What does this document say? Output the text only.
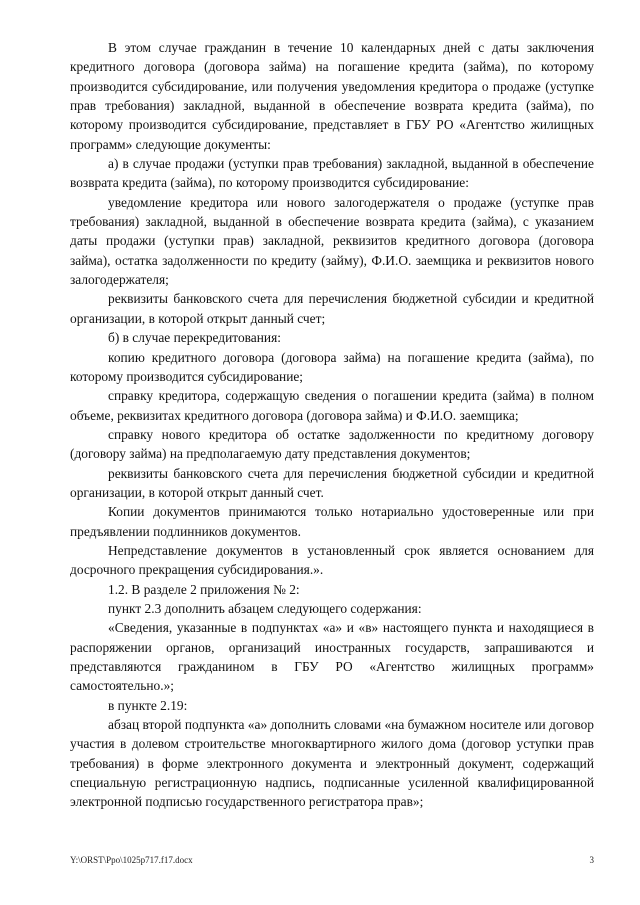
В этом случае гражданин в течение 10 календарных дней с даты заключения кредитного договора (договора займа) на погашение кредита (займа), по которому производится субсидирование, или получения уведомления кредитора о продаже (уступке прав требования) закладной, выданной в обеспечение возврата кредита (займа), по которому производится субсидирование, представляет в ГБУ РО «Агентство жилищных программ» следующие документы:

а) в случае продажи (уступки прав требования) закладной, выданной в обеспечение возврата кредита (займа), по которому производится субсидирование:

уведомление кредитора или нового залогодержателя о продаже (уступке прав требования) закладной, выданной в обеспечение возврата кредита (займа), с указанием даты продажи (уступки прав) закладной, реквизитов кредитного договора (договора займа), остатка задолженности по кредиту (займу), Ф.И.О. заемщика и реквизитов нового залогодержателя;

реквизиты банковского счета для перечисления бюджетной субсидии и кредитной организации, в которой открыт данный счет;

б) в случае перекредитования:

копию кредитного договора (договора займа) на погашение кредита (займа), по которому производится субсидирование;

справку кредитора, содержащую сведения о погашении кредита (займа) в полном объеме, реквизитах кредитного договора (договора займа) и Ф.И.О. заемщика;

справку нового кредитора об остатке задолженности по кредитному договору (договору займа) на предполагаемую дату представления документов;

реквизиты банковского счета для перечисления бюджетной субсидии и кредитной организации, в которой открыт данный счет.

Копии документов принимаются только нотариально удостоверенные или при предъявлении подлинников документов.

Непредставление документов в установленный срок является основанием для досрочного прекращения субсидирования.».

1.2. В разделе 2 приложения № 2:

пункт 2.3 дополнить абзацем следующего содержания:

«Сведения, указанные в подпунктах «а» и «в» настоящего пункта и находящиеся в распоряжении органов, организаций иностранных государств, запрашиваются и представляются гражданином в ГБУ РО «Агентство жилищных программ» самостоятельно.»;

в пункте 2.19:

абзац второй подпункта «а» дополнить словами «на бумажном носителе или договор участия в долевом строительстве многоквартирного жилого дома (договор уступки прав требования) в форме электронного документа и электронный документ, содержащий специальную регистрационную надпись, подписанные усиленной квалифицированной электронной подписью государственного регистратора прав»;

Y:\ORST\Ppo\1025p717.f17.docx	3
